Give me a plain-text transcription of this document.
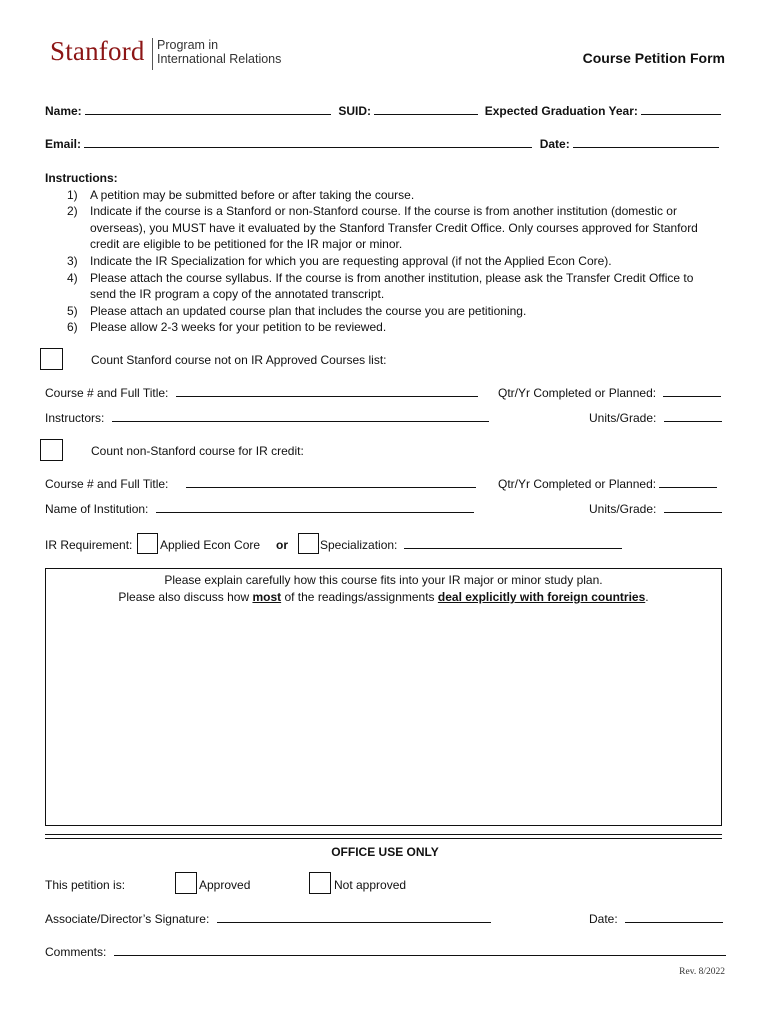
Stanford Program in
International Relations	Course Petition Form
Name:	SUID:	Expected Graduation Year:
Email:	Date:
Instructions:
1) A petition may be submitted before or after taking the course.
2) Indicate if the course is a Stanford or non-Stanford course. If the course is from another institution (domestic or overseas), you MUST have it evaluated by the Stanford Transfer Credit Office. Only courses approved for Stanford credit are eligible to be petitioned for the IR major or minor.
3) Indicate the IR Specialization for which you are requesting approval (if not the Applied Econ Core).
4) Please attach the course syllabus. If the course is from another institution, please ask the Transfer Credit Office to send the IR program a copy of the annotated transcript.
5) Please attach an updated course plan that includes the course you are petitioning.
6) Please allow 2-3 weeks for your petition to be reviewed.
Count Stanford course not on IR Approved Courses list:
Course # and Full Title:	Qtr/Yr Completed or Planned:
Instructors:	Units/Grade:
Count non-Stanford course for IR credit:
Course # and Full Title:	Qtr/Yr Completed or Planned:
Name of Institution:	Units/Grade:
IR Requirement: Applied Econ Core or	Specialization:
Please explain carefully how this course fits into your IR major or minor study plan.
Please also discuss how most of the readings/assignments deal explicitly with foreign countries.
OFFICE USE ONLY
This petition is:	Approved	Not approved
Associate/Director’s Signature:	Date:
Comments:
Rev. 8/2022
